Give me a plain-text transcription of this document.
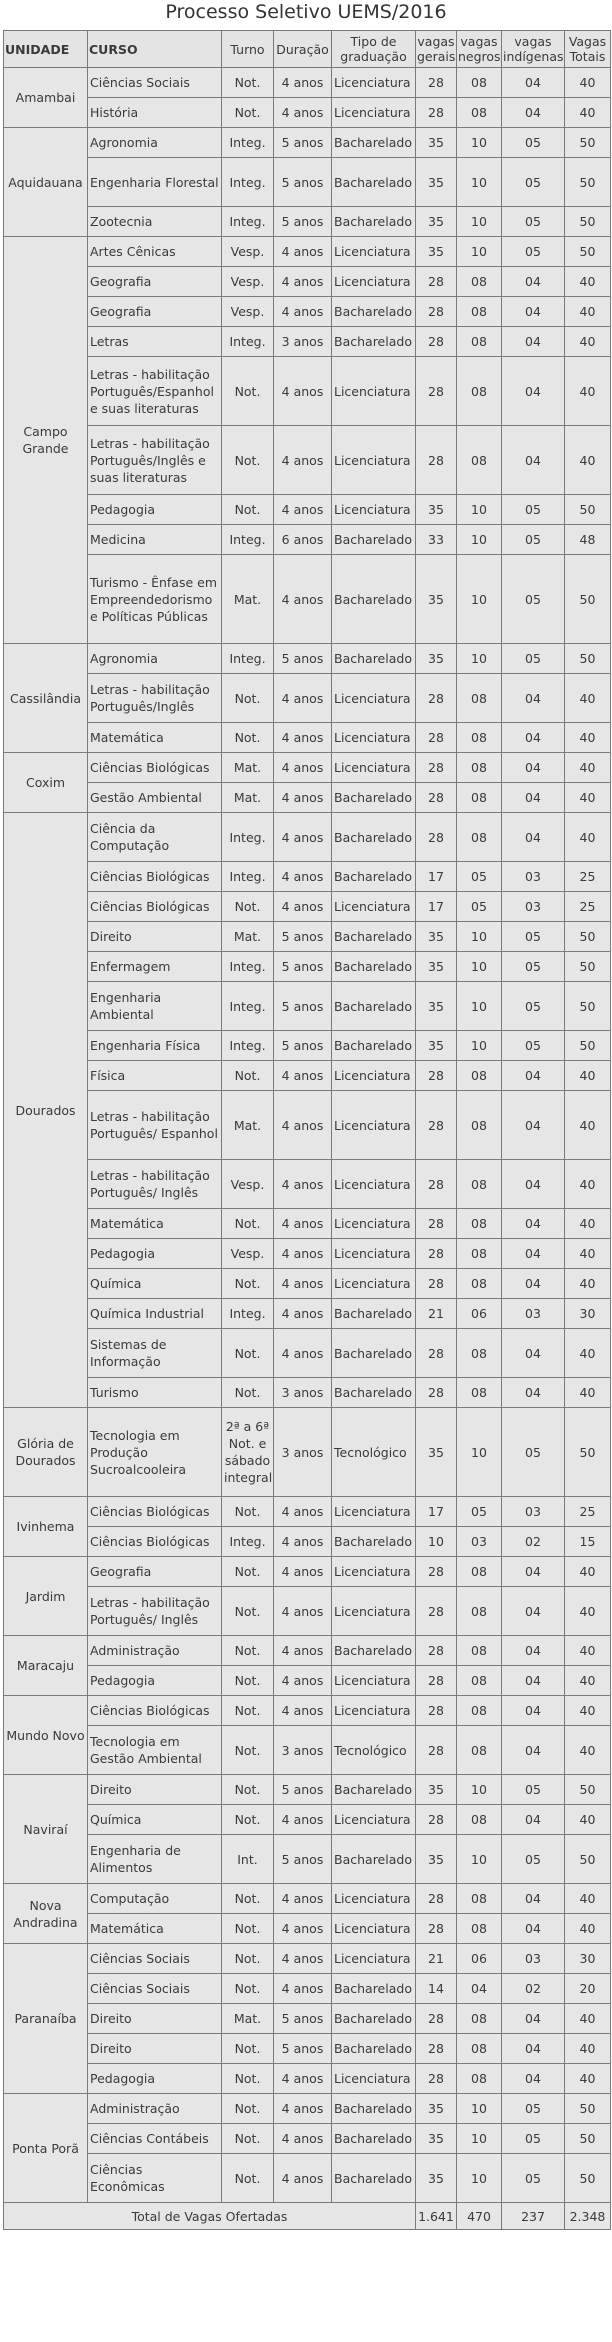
Processo Seletivo UEMS/2016
UNIDADE	CURSO	Turno	Duração	Tipo de graduação	vagas gerais	vagas negros	vagas indígenas	Vagas Totais
Amambai	Ciências Sociais	Not.	4 anos	Licenciatura	28	08	04	40
	História	Not.	4 anos	Licenciatura	28	08	04	40
Aquidauana	Agronomia	Integ.	5 anos	Bacharelado	35	10	05	50
	Engenharia Florestal	Integ.	5 anos	Bacharelado	35	10	05	50
	Zootecnia	Integ.	5 anos	Bacharelado	35	10	05	50
Campo Grande	Artes Cênicas	Vesp.	4 anos	Licenciatura	35	10	05	50
	Geografia	Vesp.	4 anos	Licenciatura	28	08	04	40
	Geografia	Vesp.	4 anos	Bacharelado	28	08	04	40
	Letras	Integ.	3 anos	Bacharelado	28	08	04	40
	Letras - habilitação Português/Espanhol e suas literaturas	Not.	4 anos	Licenciatura	28	08	04	40
	Letras - habilitação Português/Inglês e suas literaturas	Not.	4 anos	Licenciatura	28	08	04	40
	Pedagogia	Not.	4 anos	Licenciatura	35	10	05	50
	Medicina	Integ.	6 anos	Bacharelado	33	10	05	48
	Turismo - Ênfase em Empreendedorismo e Políticas Públicas	Mat.	4 anos	Bacharelado	35	10	05	50
Cassilândia	Agronomia	Integ.	5 anos	Bacharelado	35	10	05	50
	Letras - habilitação Português/Inglês	Not.	4 anos	Licenciatura	28	08	04	40
	Matemática	Not.	4 anos	Licenciatura	28	08	04	40
Coxim	Ciências Biológicas	Mat.	4 anos	Licenciatura	28	08	04	40
	Gestão Ambiental	Mat.	4 anos	Bacharelado	28	08	04	40
Dourados	Ciência da Computação	Integ.	4 anos	Bacharelado	28	08	04	40
	Ciências Biológicas	Integ.	4 anos	Bacharelado	17	05	03	25
	Ciências Biológicas	Not.	4 anos	Licenciatura	17	05	03	25
	Direito	Mat.	5 anos	Bacharelado	35	10	05	50
	Enfermagem	Integ.	5 anos	Bacharelado	35	10	05	50
	Engenharia Ambiental	Integ.	5 anos	Bacharelado	35	10	05	50
	Engenharia Física	Integ.	5 anos	Bacharelado	35	10	05	50
	Física	Not.	4 anos	Licenciatura	28	08	04	40
	Letras - habilitação Português/ Espanhol	Mat.	4 anos	Licenciatura	28	08	04	40
	Letras - habilitação Português/ Inglês	Vesp.	4 anos	Licenciatura	28	08	04	40
	Matemática	Not.	4 anos	Licenciatura	28	08	04	40
	Pedagogia	Vesp.	4 anos	Licenciatura	28	08	04	40
	Química	Not.	4 anos	Licenciatura	28	08	04	40
	Química Industrial	Integ.	4 anos	Bacharelado	21	06	03	30
	Sistemas de Informação	Not.	4 anos	Bacharelado	28	08	04	40
	Turismo	Not.	3 anos	Bacharelado	28	08	04	40
Glória de Dourados	Tecnologia em Produção Sucroalcooleira	2ª a 6ª Not. e sábado integral	3 anos	Tecnológico	35	10	05	50
Ivinhema	Ciências Biológicas	Not.	4 anos	Licenciatura	17	05	03	25
	Ciências Biológicas	Integ.	4 anos	Bacharelado	10	03	02	15
Jardim	Geografia	Not.	4 anos	Licenciatura	28	08	04	40
	Letras - habilitação Português/ Inglês	Not.	4 anos	Licenciatura	28	08	04	40
Maracaju	Administração	Not.	4 anos	Bacharelado	28	08	04	40
	Pedagogia	Not.	4 anos	Licenciatura	28	08	04	40
Mundo Novo	Ciências Biológicas	Not.	4 anos	Licenciatura	28	08	04	40
	Tecnologia em Gestão Ambiental	Not.	3 anos	Tecnológico	28	08	04	40
Naviraí	Direito	Not.	5 anos	Bacharelado	35	10	05	50
	Química	Not.	4 anos	Licenciatura	28	08	04	40
	Engenharia de Alimentos	Int.	5 anos	Bacharelado	35	10	05	50
Nova Andradina	Computação	Not.	4 anos	Licenciatura	28	08	04	40
	Matemática	Not.	4 anos	Licenciatura	28	08	04	40
Paranaíba	Ciências Sociais	Not.	4 anos	Licenciatura	21	06	03	30
	Ciências Sociais	Not.	4 anos	Bacharelado	14	04	02	20
	Direito	Mat.	5 anos	Bacharelado	28	08	04	40
	Direito	Not.	5 anos	Bacharelado	28	08	04	40
	Pedagogia	Not.	4 anos	Licenciatura	28	08	04	40
Ponta Porã	Administração	Not.	4 anos	Bacharelado	35	10	05	50
	Ciências Contábeis	Not.	4 anos	Bacharelado	35	10	05	50
	Ciências Econômicas	Not.	4 anos	Bacharelado	35	10	05	50
Total de Vagas Ofertadas					1.641	470	237	2.348
